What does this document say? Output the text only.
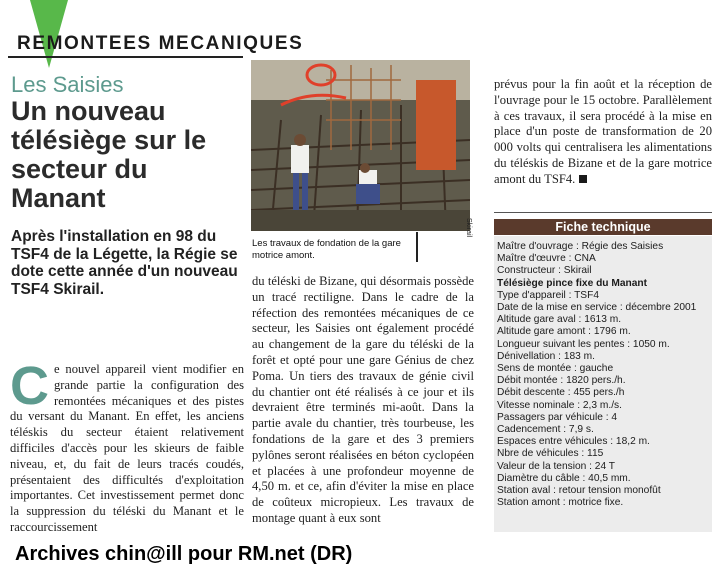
REMONTEES MECANIQUES
Les Saisies
Un nouveau télésiège sur le secteur du Manant
Après l'installation en 98 du TSF4 de la Légette, la Régie se dote cette année d'un nouveau TSF4 Skirail.
C e nouvel appareil vient modifier en grande partie la configuration des remontées mécaniques et des pistes du versant du Manant. En effet, les anciens téléskis du secteur étaient relativement difficiles d'accès pour les skieurs de faible niveau, et, du fait de leurs tracés coudés, présentaient des difficultés d'exploitation importantes. Cet investissement permet donc la suppression du téléski du Manant et le raccourcissement
Skirail
Les travaux de fondation de la gare motrice amont.
du téléski de Bizane, qui désormais possède un tracé rectiligne. Dans le cadre de la réfection des remontées mécaniques de ce secteur, les Saisies ont également procédé au changement de la gare du téléski de la forêt et opté pour une gare Génius de chez Poma. Un tiers des travaux de génie civil du chantier ont été réalisés à ce jour et ils devraient être terminés mi-août. Dans la partie avale du chantier, très tourbeuse, les fondations de la gare et des 3 premiers pylônes seront réalisées en béton cyclopéen et placées à une profondeur moyenne de 4,50 m. et ce, afin d'éviter la mise en place de coûteux micropieux. Les travaux de montage quant à eux sont
prévus pour la fin août et la réception de l'ouvrage pour le 15 octobre. Parallèlement à ces travaux, il sera procédé à la mise en place d'un poste de transformation de 20 000 volts qui centralisera les alimentations du téléskis de Bizane et de la gare motrice amont du TSF4.
Fiche technique
Maître d'ouvrage : Régie des Saisies
Maître d'œuvre : CNA
Constructeur : Skirail
Télésiège pince fixe du Manant
Type d'appareil : TSF4
Date de la mise en service : décembre 2001
Altitude gare aval : 1613 m.
Altitude gare amont : 1796 m.
Longueur suivant les pentes : 1050 m.
Dénivellation : 183 m.
Sens de montée : gauche
Débit montée : 1820 pers./h.
Débit descente : 455 pers./h
Vitesse nominale : 2,3 m./s.
Passagers par véhicule : 4
Cadencement : 7,9 s.
Espaces entre véhicules : 18,2 m.
Nbre de véhicules : 115
Valeur de la tension : 24 T
Diamètre du câble : 40,5 mm.
Station aval : retour tension monofût
Station amont : motrice fixe.
Archives chin@ill pour RM.net (DR)
